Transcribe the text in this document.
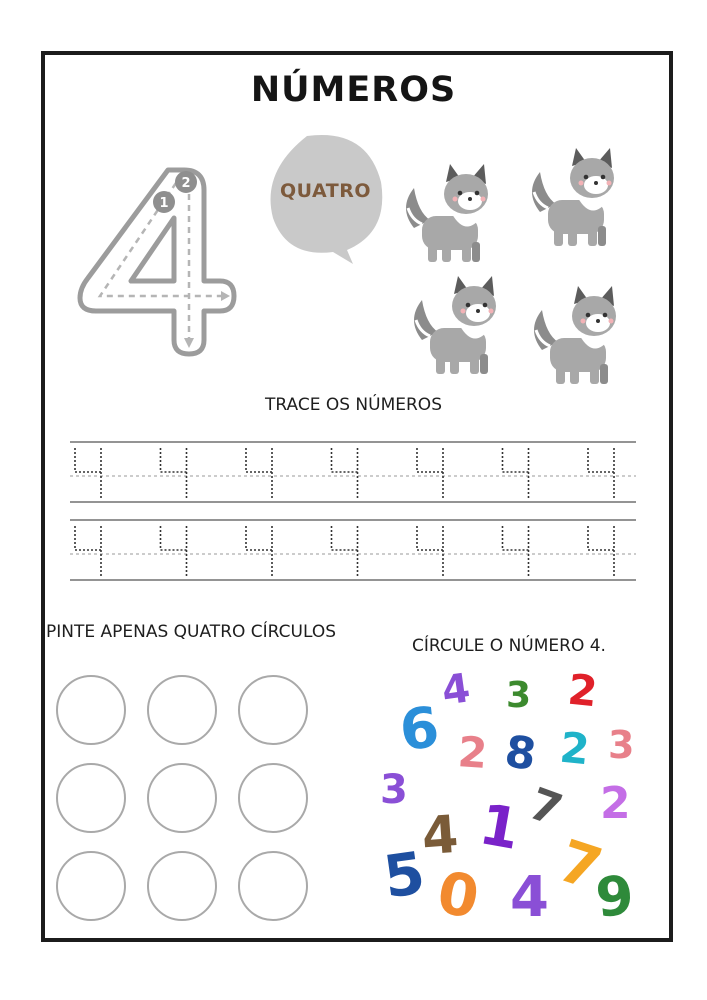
NÚMEROS
1
2	QUATRO
TRACE OS NÚMEROS
PINTE APENAS QUATRO CÍRCULOS
CÍRCULE O NÚMERO 4.
4 3 2
6 2 8 2 3
3
1
7 2
4
5 0 4 7
9
